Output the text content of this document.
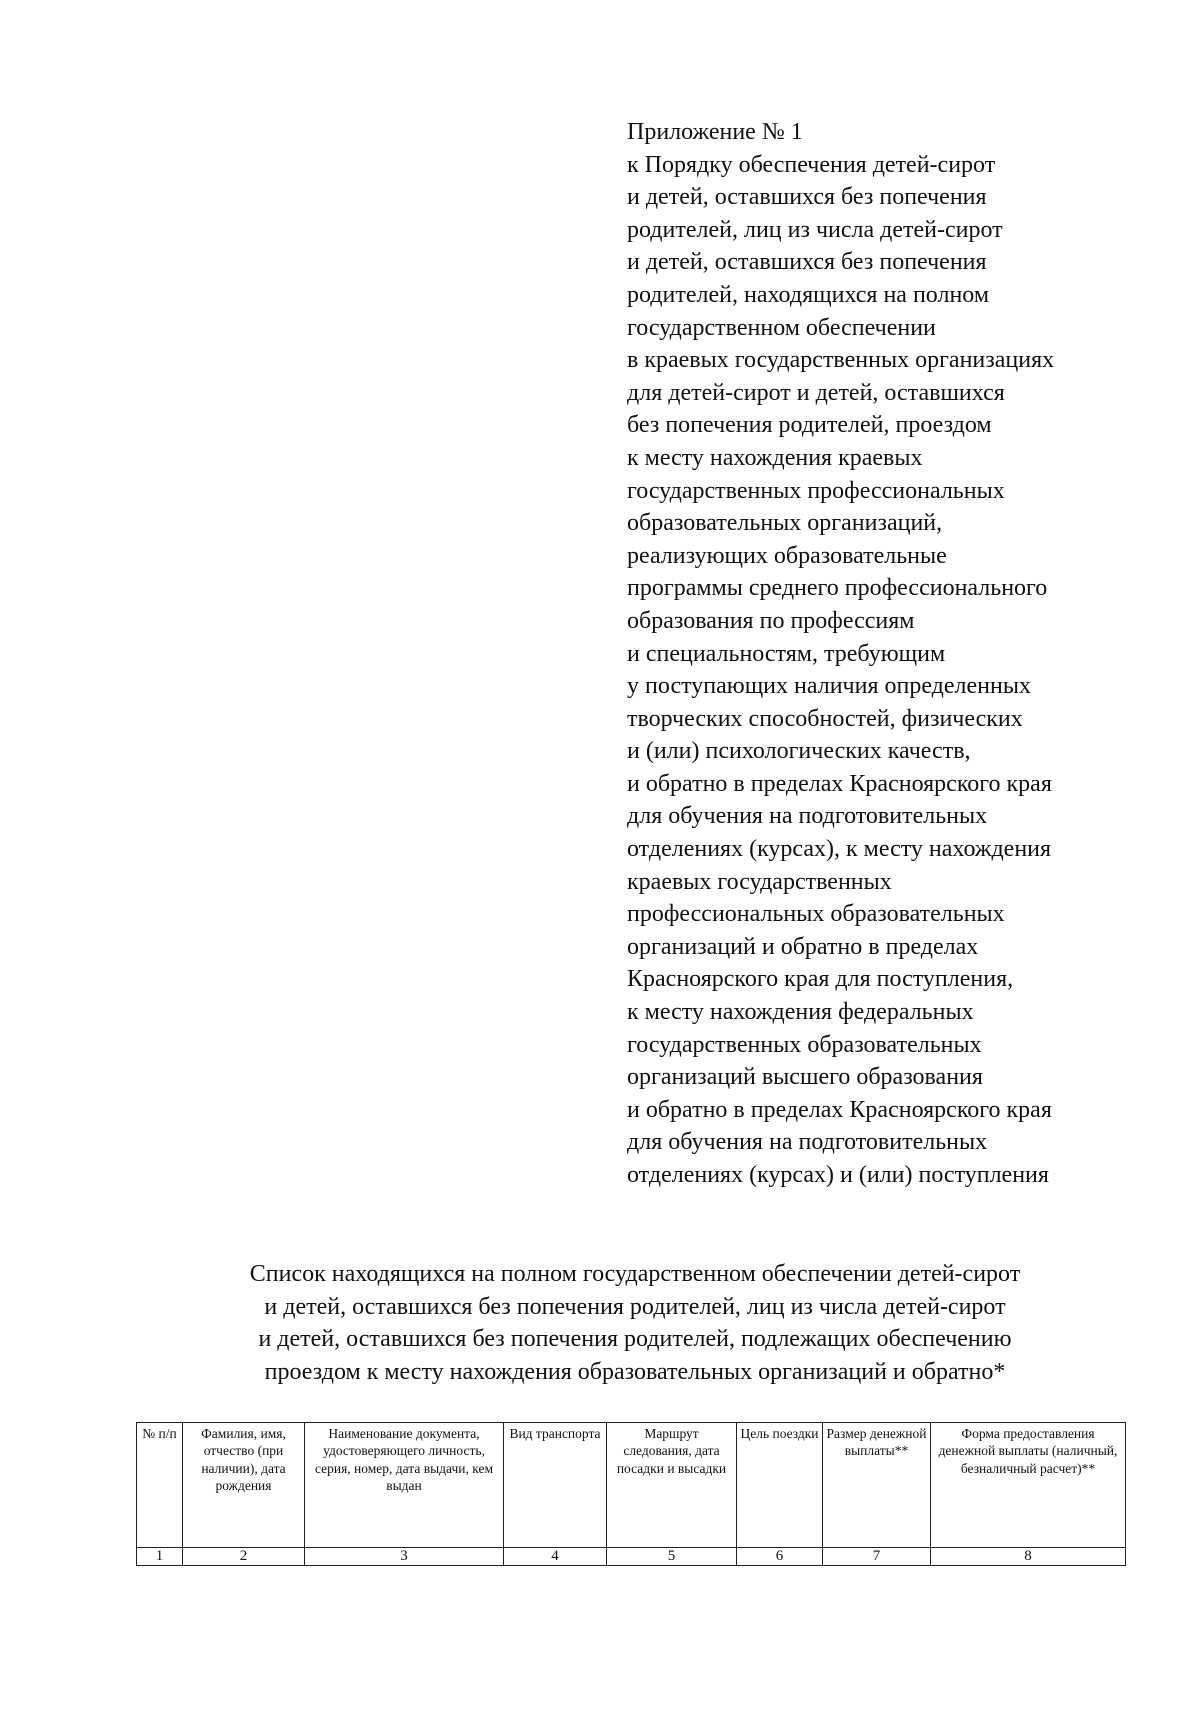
Приложение № 1
к Порядку обеспечения детей-сирот
и детей, оставшихся без попечения
родителей, лиц из числа детей-сирот
и детей, оставшихся без попечения
родителей, находящихся на полном
государственном обеспечении
в краевых государственных организациях
для детей-сирот и детей, оставшихся
без попечения родителей, проездом
к месту нахождения краевых
государственных профессиональных
образовательных организаций,
реализующих образовательные
программы среднего профессионального
образования по профессиям
и специальностям, требующим
у поступающих наличия определенных
творческих способностей, физических
и (или) психологических качеств,
и обратно в пределах Красноярского края
для обучения на подготовительных
отделениях (курсах), к месту нахождения
краевых государственных
профессиональных образовательных
организаций и обратно в пределах
Красноярского края для поступления,
к месту нахождения федеральных
государственных образовательных
организаций высшего образования
и обратно в пределах Красноярского края
для обучения на подготовительных
отделениях (курсах) и (или) поступления
Список находящихся на полном государственном обеспечении детей-сирот
и детей, оставшихся без попечения родителей, лиц из числа детей-сирот
и детей, оставшихся без попечения родителей, подлежащих обеспечению
проездом к месту нахождения образовательных организаций и обратно*
№ п/п	Фамилия, имя, отчество (при наличии), дата рождения	Наименование документа, удостоверяющего личность, серия, номер, дата выдачи, кем выдан	Вид транспорта	Маршрут следования, дата посадки и высадки	Цель поездки	Размер денежной выплаты**	Форма предоставления денежной выплаты (наличный, безналичный расчет)**
1	2	3	4	5	6	7	8
